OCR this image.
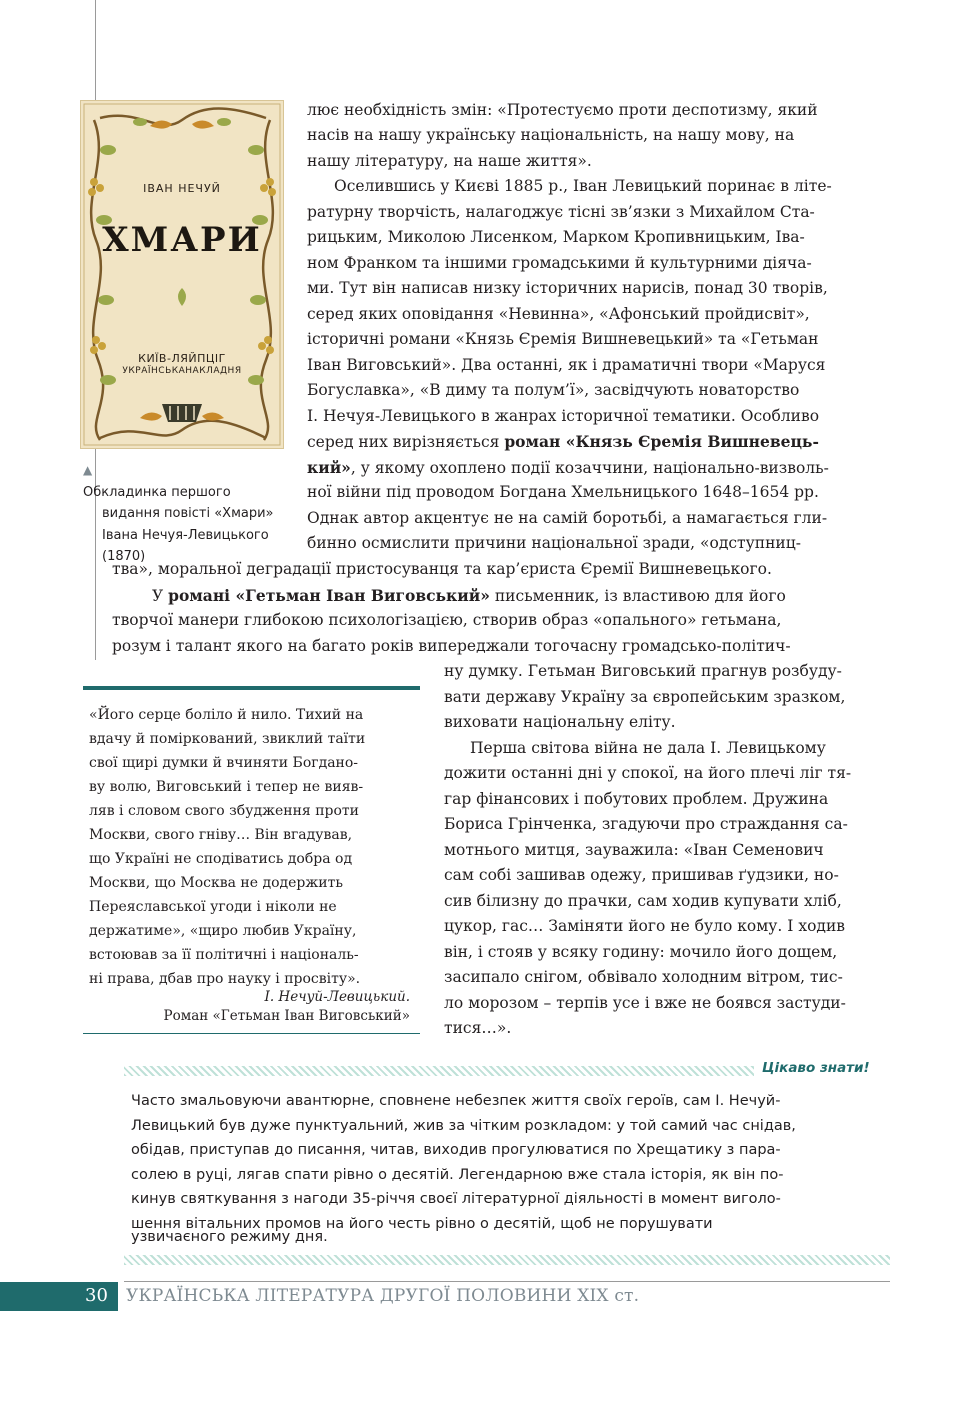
ІВАН НЕЧУЙ
ХМАРИ
КИЇВ-ЛЯЙПЦІГ
УКРАЇНСЬКАНАКЛАДНЯ
▲
Обкладинка першого
видання повісті «Хмари»
Івана Нечуя-Левицького
(1870)
лює необхідність змін: «Протестуємо проти деспотизму, який
насів на нашу українську національність, на нашу мову, на
нашу літературу, на наше життя».
Оселившись у Києві 1885 р., Іван Левицький поринає в літе-
ратурну творчість, налагоджує тісні зв’язки з Михайлом Ста-
рицьким, Миколою Лисенком, Марком Кропивницьким, Іва-
ном Франком та іншими громадськими й культурними діяча-
ми. Тут він написав низку історичних нарисів, понад 30 творів,
серед яких оповідання «Невинна», «Афонський пройдисвіт»,
історичні романи «Князь Єремія Вишневецький» та «Гетьман
Іван Виговський». Два останні, як і драматичні твори «Маруся
Богуславка», «В диму та полум’ї», засвідчують новаторство
І. Нечуя-Левицького в жанрах історичної тематики. Особливо
серед них вирізняється роман «Князь Єремія Вишневець-
кий», у якому охоплено події козаччини, національно-визволь-
ної війни під проводом Богдана Хмельницького 1648–1654 рр.
Однак автор акцентує не на самій боротьбі, а намагається гли-
бинно осмислити причини національної зради, «одступниц-
тва», моральної деградації пристосуванця та кар’єриста Єремії Вишневецького.
У романі «Гетьман Іван Виговський» письменник, із властивою для його
творчої манери глибокою психологізацією, створив образ «опального» гетьмана,
розум і талант якого на багато років випереджали тогочасну громадсько-політич-
ну думку. Гетьман Виговський прагнув розбуду-
вати державу Україну за європейським зразком,
виховати національну еліту.
Перша світова війна не дала І. Левицькому
дожити останні дні у спокої, на його плечі ліг тя-
гар фінансових і побутових проблем. Дружина
Бориса Грінченка, згадуючи про страждання са-
мотнього митця, зауважила: «Іван Семенович
сам собі зашивав одежу, пришивав ґудзики, но-
сив білизну до прачки, сам ходив купувати хліб,
цукор, гас… Заміняти його не було кому. І ходив
він, і стояв у всяку годину: мочило його дощем,
засипало снігом, обвівало холодним вітром, тис-
ло морозом – терпів усе і вже не боявся застуди-
тися…».
«Його серце боліло й нило. Тихий на
вдачу й поміркований, звиклий таїти
свої щирі думки й вчиняти Богдано-
ву волю, Виговський і тепер не вияв-
ляв і словом свого збудження проти
Москви, свого гніву… Він вгадував,
що Україні не сподіватись добра од
Москви, що Москва не додержить
Переяславської угоди і ніколи не
держатиме», «щиро любив Україну,
встоював за її політичні і національ-
ні права, дбав про науку і просвіту».
І. Нечуй-Левицький.
Роман «Гетьман Іван Виговський»
Цікаво знати!
Часто змальовуючи авантюрне, сповнене небезпек життя своїх героїв, сам І. Нечуй-
Левицький був дуже пунктуальний, жив за чітким розкладом: у той самий час снідав,
обідав, приступав до писання, читав, виходив прогулюватися по Хрещатику з пара-
солею в руці, лягав спати рівно о десятій. Легендарною вже стала історія, як він по-
кинув святкування з нагоди 35-річчя своєї літературної діяльності в момент виголо-
шення вітальних промов на його честь рівно о десятій, щоб не порушувати
узвичаєного режиму дня.
30	УКРАЇНСЬКА ЛІТЕРАТУРА ДРУГОЇ ПОЛОВИНИ XIX ст.
